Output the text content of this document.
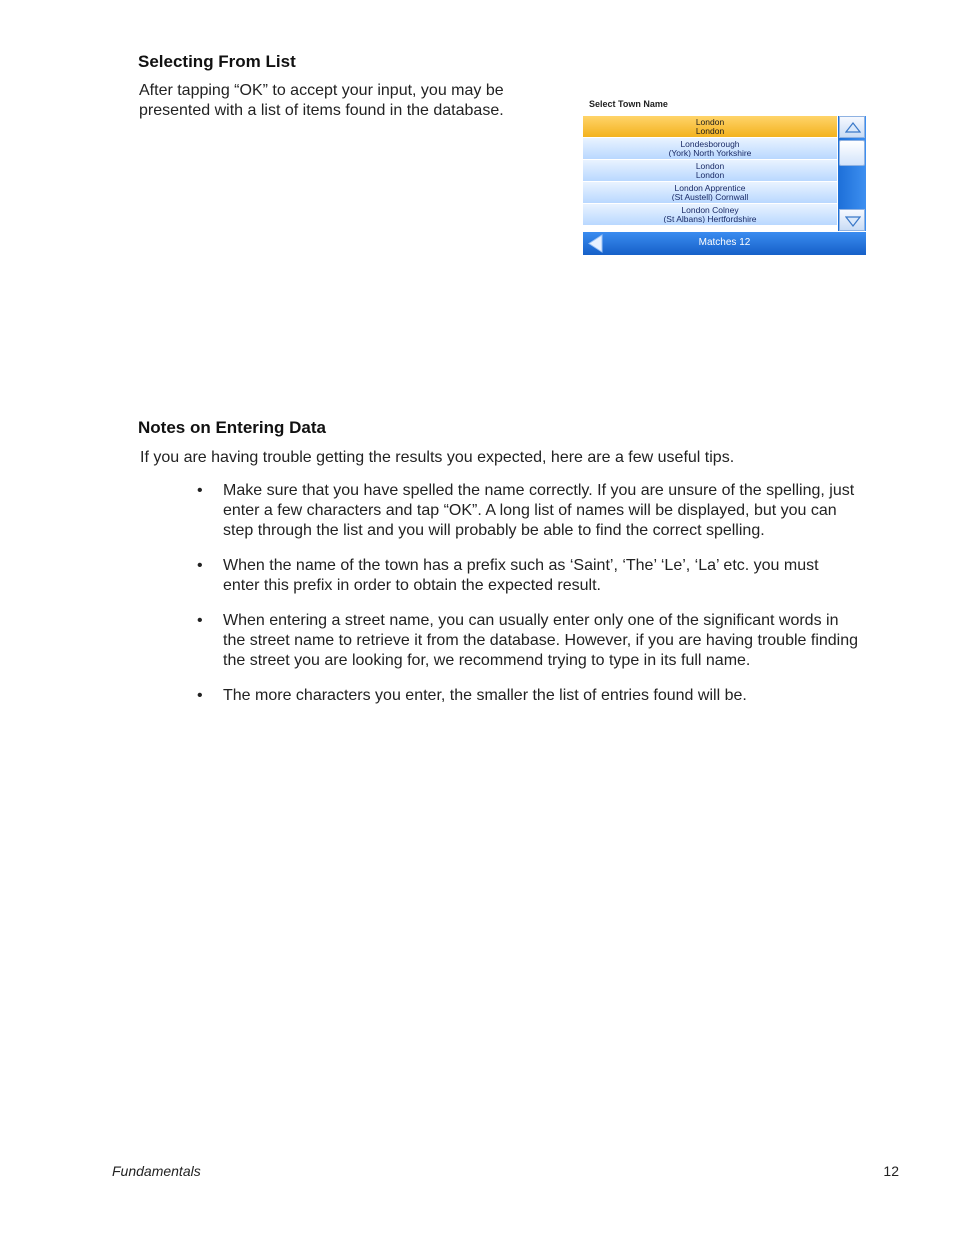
Selecting From List
After tapping “OK” to accept your input, you may be
presented with a list of items found in the database.	Select Town Name
London
London
Londesborough
(York) North Yorkshire
London
London
London Apprentice
(St Austell) Cornwall
London Colney
(St Albans) Hertfordshire
Matches 12
Notes on Entering Data
If you are having trouble getting the results you expected, here are a few useful tips.
• Make sure that you have spelled the name correctly. If you are unsure of the spelling, just
enter a few characters and tap “OK”. A long list of names will be displayed, but you can
step through the list and you will probably be able to find the correct spelling.
• When the name of the town has a prefix such as ‘Saint’, ‘The’ ‘Le’, ‘La’ etc. you must
enter this prefix in order to obtain the expected result.
• When entering a street name, you can usually enter only one of the significant words in
the street name to retrieve it from the database. However, if you are having trouble finding
the street you are looking for, we recommend trying to type in its full name.
• The more characters you enter, the smaller the list of entries found will be.
Fundamentals	12
